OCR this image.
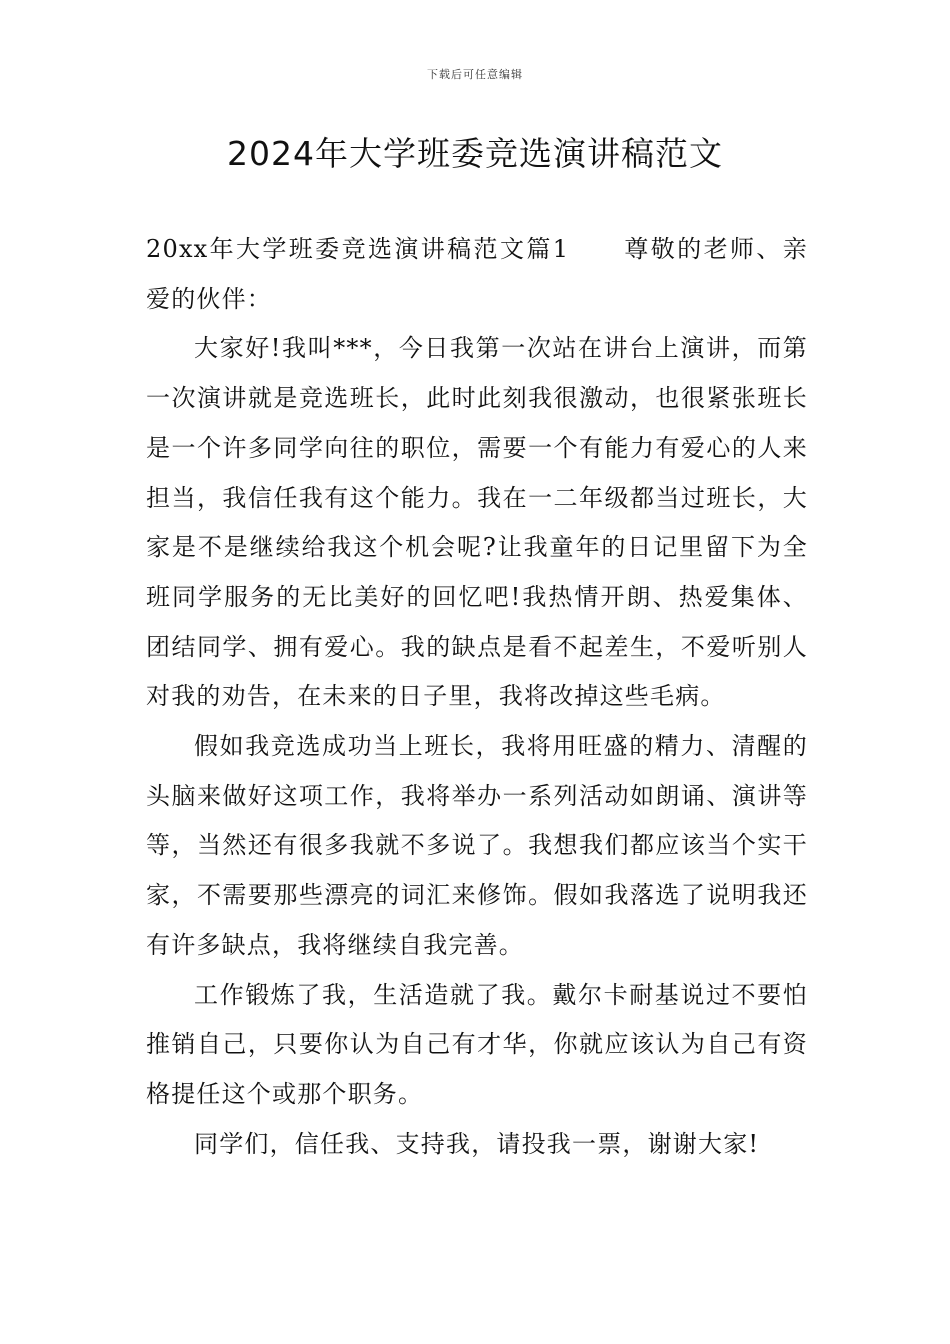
下载后可任意编辑
2024年大学班委竞选演讲稿范文

20xx年大学班委竞选演讲稿范文篇1 尊敬的老师、亲爱的伙伴：

大家好!我叫***，今日我第一次站在讲台上演讲，而第一次演讲就是竞选班长，此时此刻我很激动，也很紧张班长是一个许多同学向往的职位，需要一个有能力有爱心的人来担当，我信任我有这个能力。我在一二年级都当过班长，大家是不是继续给我这个机会呢?让我童年的日记里留下为全班同学服务的无比美好的回忆吧!我热情开朗、热爱集体、团结同学、拥有爱心。我的缺点是看不起差生，不爱听别人对我的劝告，在未来的日子里，我将改掉这些毛病。

假如我竞选成功当上班长，我将用旺盛的精力、清醒的头脑来做好这项工作，我将举办一系列活动如朗诵、演讲等等，当然还有很多我就不多说了。我想我们都应该当个实干家，不需要那些漂亮的词汇来修饰。假如我落选了说明我还有许多缺点，我将继续自我完善。

工作锻炼了我，生活造就了我。戴尔卡耐基说过不要怕推销自己，只要你认为自己有才华，你就应该认为自己有资格提任这个或那个职务。

同学们，信任我、支持我，请投我一票，谢谢大家!
